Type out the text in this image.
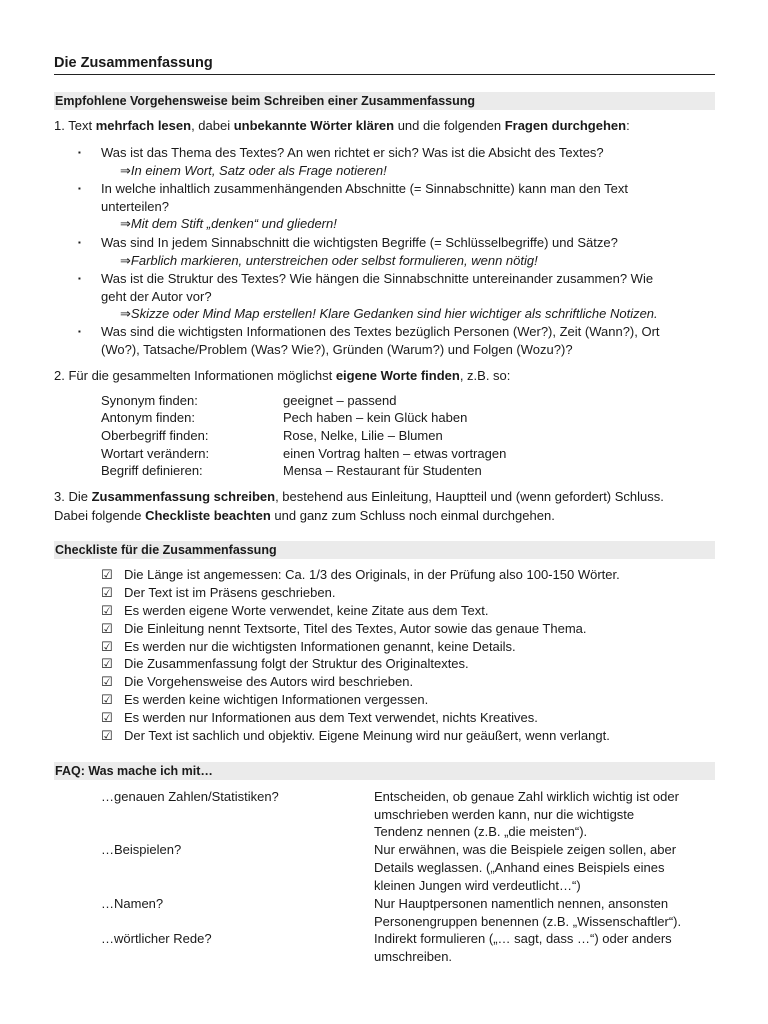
Die Zusammenfassung
Empfohlene Vorgehensweise beim Schreiben einer Zusammenfassung
1. Text mehrfach lesen, dabei unbekannte Wörter klären und die folgenden Fragen durchgehen:
▪ Was ist das Thema des Textes? An wen richtet er sich? Was ist die Absicht des Textes?
⇒In einem Wort, Satz oder als Frage notieren!
▪ In welche inhaltlich zusammenhängenden Abschnitte (= Sinnabschnitte) kann man den Text
unterteilen?
⇒Mit dem Stift „denken“ und gliedern!
▪ Was sind In jedem Sinnabschnitt die wichtigsten Begriffe (= Schlüsselbegriffe) und Sätze?
⇒Farblich markieren, unterstreichen oder selbst formulieren, wenn nötig!
▪ Was ist die Struktur des Textes? Wie hängen die Sinnabschnitte untereinander zusammen? Wie
geht der Autor vor?
⇒Skizze oder Mind Map erstellen! Klare Gedanken sind hier wichtiger als schriftliche Notizen.
▪ Was sind die wichtigsten Informationen des Textes bezüglich Personen (Wer?), Zeit (Wann?), Ort
(Wo?), Tatsache/Problem (Was? Wie?), Gründen (Warum?) und Folgen (Wozu?)?
2. Für die gesammelten Informationen möglichst eigene Worte finden, z.B. so:
Synonym finden:	geeignet – passend
Antonym finden:	Pech haben – kein Glück haben
Oberbegriff finden:	Rose, Nelke, Lilie – Blumen
Wortart verändern:	einen Vortrag halten – etwas vortragen
Begriff definieren:	Mensa – Restaurant für Studenten
3. Die Zusammenfassung schreiben, bestehend aus Einleitung, Hauptteil und (wenn gefordert) Schluss.
Dabei folgende Checkliste beachten und ganz zum Schluss noch einmal durchgehen.
Checkliste für die Zusammenfassung
☑ Die Länge ist angemessen: Ca. 1/3 des Originals, in der Prüfung also 100-150 Wörter.
☑ Der Text ist im Präsens geschrieben.
☑ Es werden eigene Worte verwendet, keine Zitate aus dem Text.
☑ Die Einleitung nennt Textsorte, Titel des Textes, Autor sowie das genaue Thema.
☑ Es werden nur die wichtigsten Informationen genannt, keine Details.
☑ Die Zusammenfassung folgt der Struktur des Originaltextes.
☑ Die Vorgehensweise des Autors wird beschrieben.
☑ Es werden keine wichtigen Informationen vergessen.
☑ Es werden nur Informationen aus dem Text verwendet, nichts Kreatives.
☑ Der Text ist sachlich und objektiv. Eigene Meinung wird nur geäußert, wenn verlangt.
FAQ: Was mache ich mit…
…genauen Zahlen/Statistiken?	Entscheiden, ob genaue Zahl wirklich wichtig ist oder
umschrieben werden kann, nur die wichtigste
Tendenz nennen (z.B. „die meisten“).
…Beispielen?	Nur erwähnen, was die Beispiele zeigen sollen, aber
Details weglassen. („Anhand eines Beispiels eines
kleinen Jungen wird verdeutlicht…“)
…Namen?	Nur Hauptpersonen namentlich nennen, ansonsten
Personengruppen benennen (z.B. „Wissenschaftler“).
…wörtlicher Rede?	Indirekt formulieren („… sagt, dass …“) oder anders
umschreiben.
